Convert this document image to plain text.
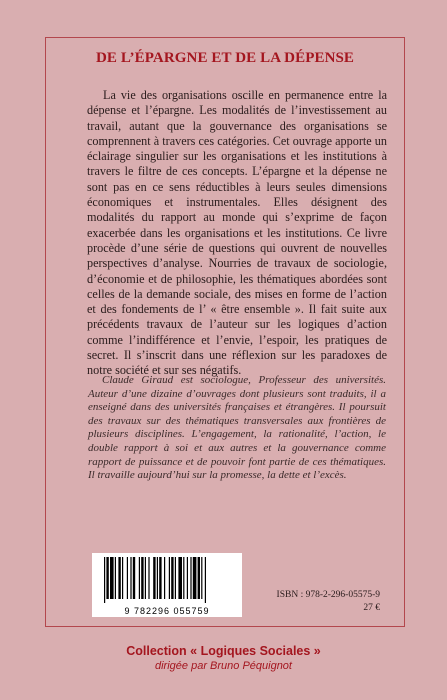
DE L’ÉPARGNE ET DE LA DÉPENSE

La vie des organisations oscille en permanence entre la dépense et l’épargne. Les modalités de l’investissement au travail, autant que la gouvernance des organisations se comprennent à travers ces catégories. Cet ouvrage apporte un éclairage singulier sur les organisations et les institutions à travers le filtre de ces concepts. L’épargne et la dépense ne sont pas en ce sens réductibles à leurs seules dimensions économiques et instrumentales. Elles désignent des modalités du rapport au monde qui s’exprime de façon exacerbée dans les organisations et les institutions. Ce livre procède d’une série de questions qui ouvrent de nouvelles perspectives d’analyse. Nourries de travaux de sociologie, d’économie et de philosophie, les thématiques abordées sont celles de la demande sociale, des mises en forme de l’action et des fondements de l’ « être ensemble ». Il fait suite aux précédents travaux de l’auteur sur les logiques d’action comme l’indifférence et l’envie, l’espoir, les pratiques de secret. Il s’inscrit dans une réflexion sur les paradoxes de notre société et sur ses négatifs.

Claude Giraud est sociologue, Professeur des universités. Auteur d’une dizaine d’ouvrages dont plusieurs sont traduits, il a enseigné dans des universités françaises et étrangères. Il poursuit des travaux sur des thématiques transversales aux frontières de plusieurs disciplines. L’engagement, la rationalité, l’action, le double rapport à soi et aux autres et la gouvernance comme rapport de puissance et de pouvoir font partie de ces thématiques. Il travaille aujourd’hui sur la promesse, la dette et l’excès.

9 782296 055759
ISBN : 978-2-296-05575-9
27 €
Collection « Logiques Sociales »
dirigée par Bruno Péquignot
